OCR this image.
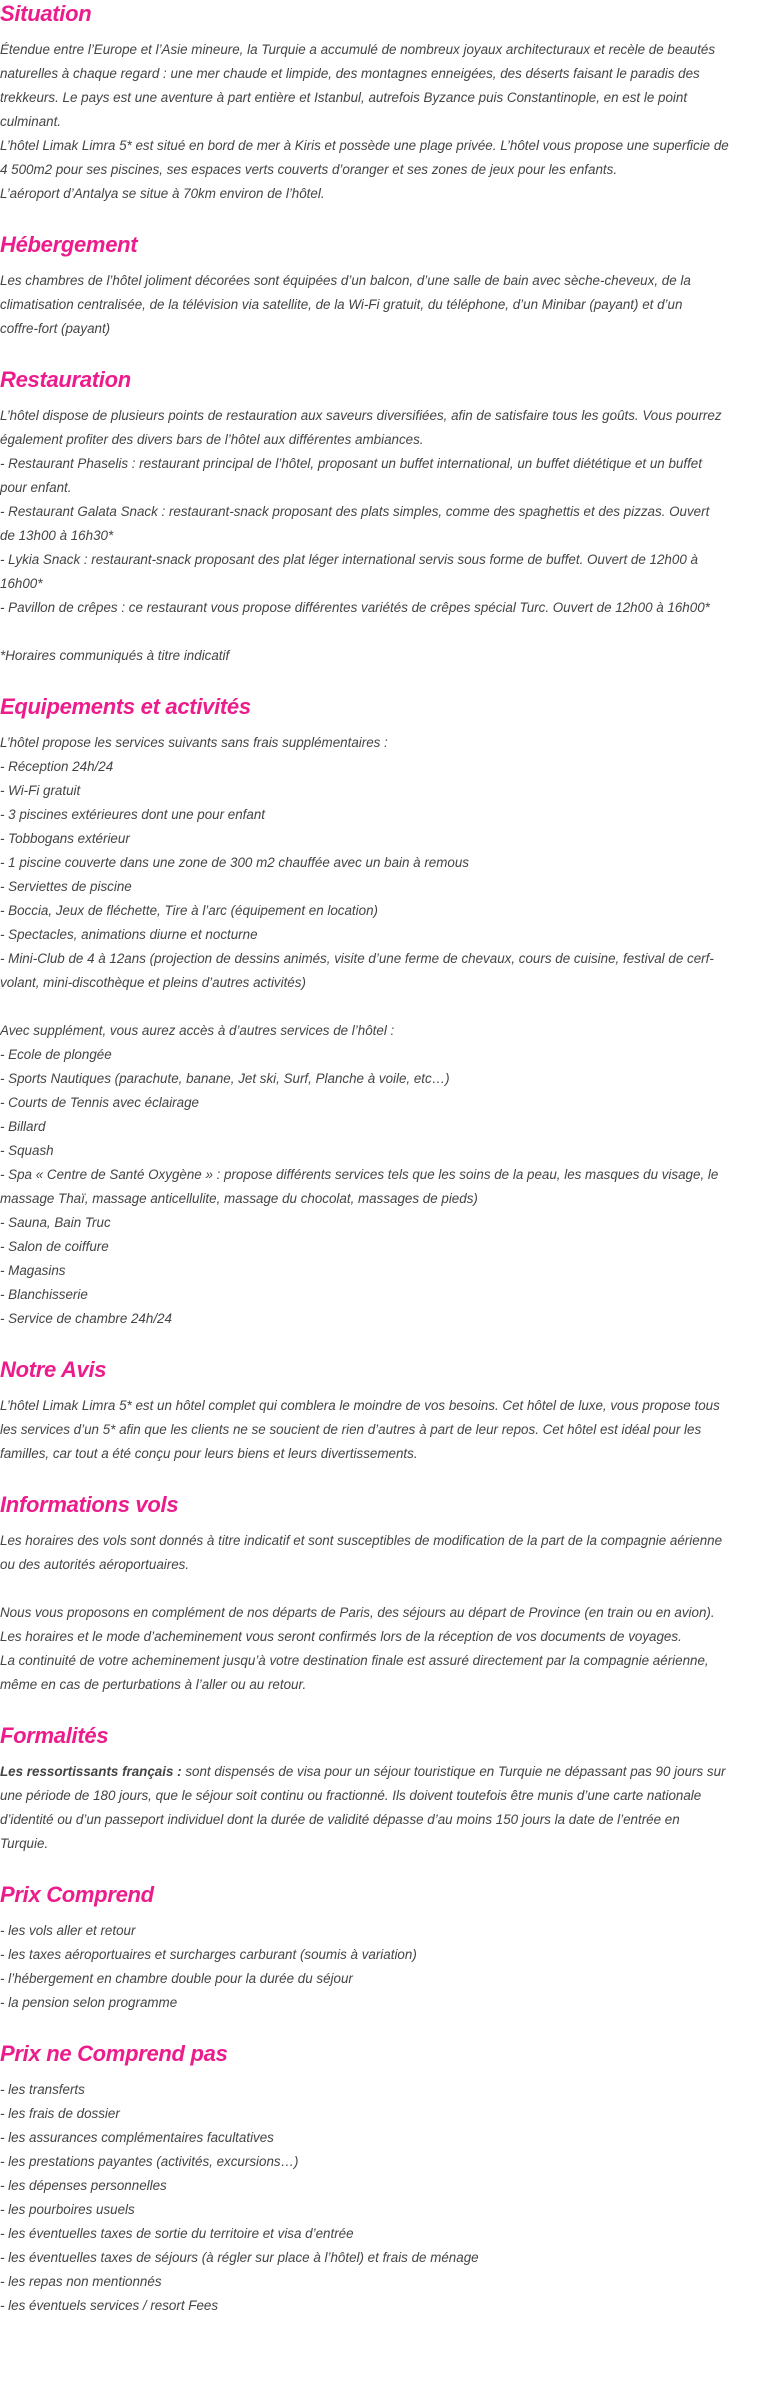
Situation
Étendue entre l’Europe et l’Asie mineure, la Turquie a accumulé de nombreux joyaux architecturaux et recèle de beautés
naturelles à chaque regard : une mer chaude et limpide, des montagnes enneigées, des déserts faisant le paradis des
trekkeurs. Le pays est une aventure à part entière et Istanbul, autrefois Byzance puis Constantinople, en est le point
culminant.
L’hôtel Limak Limra 5* est situé en bord de mer à Kiris et possède une plage privée. L’hôtel vous propose une superficie de
4 500m2 pour ses piscines, ses espaces verts couverts d’oranger et ses zones de jeux pour les enfants.
L’aéroport d’Antalya se situe à 70km environ de l’hôtel.
Hébergement
Les chambres de l’hôtel joliment décorées sont équipées d’un balcon, d’une salle de bain avec sèche-cheveux, de la
climatisation centralisée, de la télévision via satellite, de la Wi-Fi gratuit, du téléphone, d’un Minibar (payant) et d’un
coffre-fort (payant)
Restauration
L’hôtel dispose de plusieurs points de restauration aux saveurs diversifiées, afin de satisfaire tous les goûts. Vous pourrez
également profiter des divers bars de l’hôtel aux différentes ambiances.
- Restaurant Phaselis : restaurant principal de l’hôtel, proposant un buffet international, un buffet diététique et un buffet
pour enfant.
- Restaurant Galata Snack : restaurant-snack proposant des plats simples, comme des spaghettis et des pizzas. Ouvert
de 13h00 à 16h30*
- Lykia Snack : restaurant-snack proposant des plat léger international servis sous forme de buffet. Ouvert de 12h00 à
16h00*
- Pavillon de crêpes : ce restaurant vous propose différentes variétés de crêpes spécial Turc. Ouvert de 12h00 à 16h00*
*Horaires communiqués à titre indicatif
Equipements et activités
L’hôtel propose les services suivants sans frais supplémentaires :
- Réception 24h/24
- Wi-Fi gratuit
- 3 piscines extérieures dont une pour enfant
- Tobbogans extérieur
- 1 piscine couverte dans une zone de 300 m2 chauffée avec un bain à remous
- Serviettes de piscine
- Boccia, Jeux de fléchette, Tire à l’arc (équipement en location)
- Spectacles, animations diurne et nocturne
- Mini-Club de 4 à 12ans (projection de dessins animés, visite d’une ferme de chevaux, cours de cuisine, festival de cerf-
volant, mini-discothèque et pleins d’autres activités)
Avec supplément, vous aurez accès à d’autres services de l’hôtel :
- Ecole de plongée
- Sports Nautiques (parachute, banane, Jet ski, Surf, Planche à voile, etc…)
- Courts de Tennis avec éclairage
- Billard
- Squash
- Spa « Centre de Santé Oxygène » : propose différents services tels que les soins de la peau, les masques du visage, le
massage Thaï, massage anticellulite, massage du chocolat, massages de pieds)
- Sauna, Bain Truc
- Salon de coiffure
- Magasins
- Blanchisserie
- Service de chambre 24h/24
Notre Avis
L’hôtel Limak Limra 5* est un hôtel complet qui comblera le moindre de vos besoins. Cet hôtel de luxe, vous propose tous
les services d’un 5* afin que les clients ne se soucient de rien d’autres à part de leur repos. Cet hôtel est idéal pour les
familles, car tout a été conçu pour leurs biens et leurs divertissements.
Informations vols
Les horaires des vols sont donnés à titre indicatif et sont susceptibles de modification de la part de la compagnie aérienne
ou des autorités aéroportuaires.
Nous vous proposons en complément de nos départs de Paris, des séjours au départ de Province (en train ou en avion).
Les horaires et le mode d’acheminement vous seront confirmés lors de la réception de vos documents de voyages.
La continuité de votre acheminement jusqu’à votre destination finale est assuré directement par la compagnie aérienne,
même en cas de perturbations à l’aller ou au retour.
Formalités
Les ressortissants français : sont dispensés de visa pour un séjour touristique en Turquie ne dépassant pas 90 jours sur
une période de 180 jours, que le séjour soit continu ou fractionné. Ils doivent toutefois être munis d’une carte nationale
d’identité ou d’un passeport individuel dont la durée de validité dépasse d’au moins 150 jours la date de l’entrée en
Turquie.
Prix Comprend
- les vols aller et retour
- les taxes aéroportuaires et surcharges carburant (soumis à variation)
- l’hébergement en chambre double pour la durée du séjour
- la pension selon programme
Prix ne Comprend pas
- les transferts
- les frais de dossier
- les assurances complémentaires facultatives
- les prestations payantes (activités, excursions…)
- les dépenses personnelles
- les pourboires usuels
- les éventuelles taxes de sortie du territoire et visa d’entrée
- les éventuelles taxes de séjours (à régler sur place à l’hôtel) et frais de ménage
- les repas non mentionnés
- les éventuels services / resort Fees
